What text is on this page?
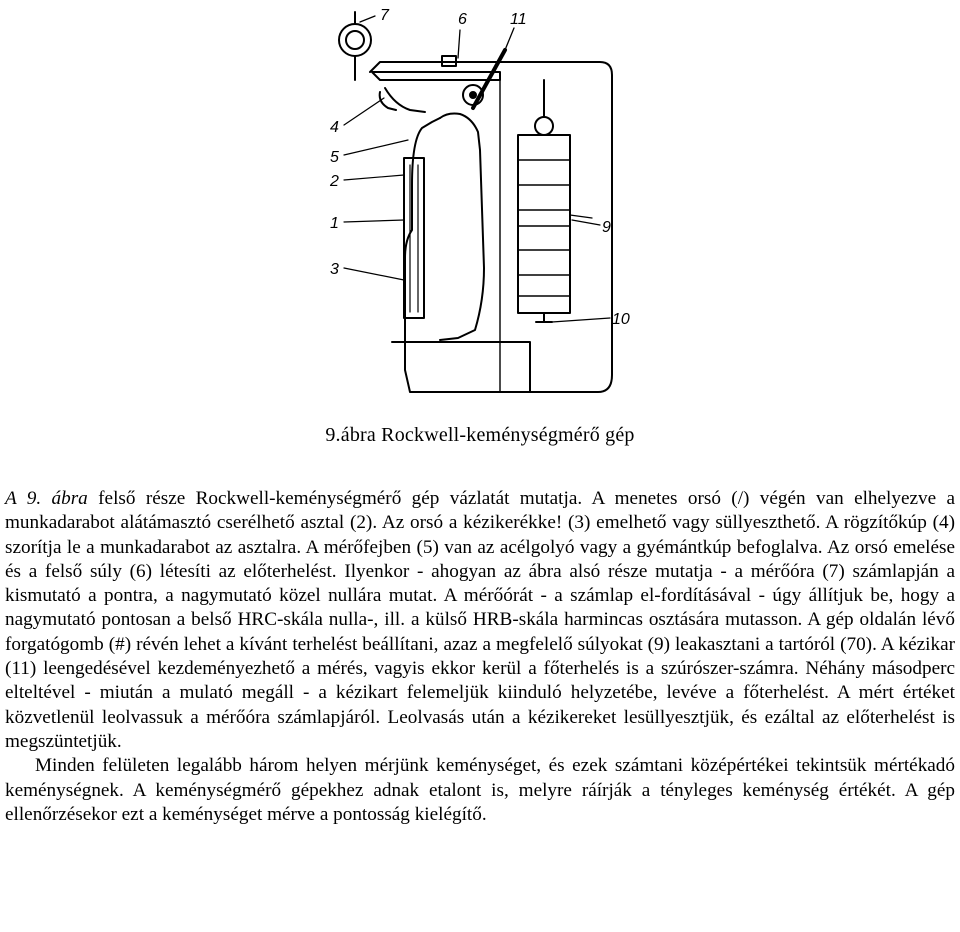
7	6	11
4
5
2
1
3
9
10
9.ábra Rockwell-keménységmérő gép

A 9. ábra felső része Rockwell-keménységmérő gép vázlatát mutatja. A menetes orsó (/) végén van elhelyezve a munkadarabot alátámasztó cserélhető asztal (2). Az orsó a kézikerékke! (3) emelhető vagy süllyeszthető. A rögzítőkúp (4) szorítja le a munkadarabot az asztalra. A mérőfejben (5) van az acélgolyó vagy a gyémántkúp befoglalva. Az orsó emelése és a felső súly (6) létesíti az előterhelést. Ilyenkor - ahogyan az ábra alsó része mutatja - a mérőóra (7) számlapján a kismutató a pontra, a nagymutató közel nullára mutat. A mérőórát - a számlap el-fordításával - úgy állítjuk be, hogy a nagymutató pontosan a belső HRC-skála nulla-, ill. a külső HRB-skála harmincas osztására mutasson. A gép oldalán lévő forgatógomb (#) révén lehet a kívánt terhelést beállítani, azaz a megfelelő súlyokat (9) leakasztani a tartóról (70). A kézikar (11) leengedésével kezdeményezhető a mérés, vagyis ekkor kerül a főterhelés is a szúrószer-számra. Néhány másodperc elteltével - miután a mulató megáll - a kézikart felemeljük kiinduló helyzetébe, levéve a főterhelést. A mért értéket közvetlenül leolvassuk a mérőóra számlapjáról. Leolvasás után a kézikereket lesüllyesztjük, és ezáltal az előterhelést is megszüntetjük.

Minden felületen legalább három helyen mérjünk keménységet, és ezek számtani középértékei tekintsük mértékadó keménységnek. A keménységmérő gépekhez adnak etalont is, melyre ráírják a tényleges keménység értékét. A gép ellenőrzésekor ezt a keménységet mérve a pontosság kielégítő.
